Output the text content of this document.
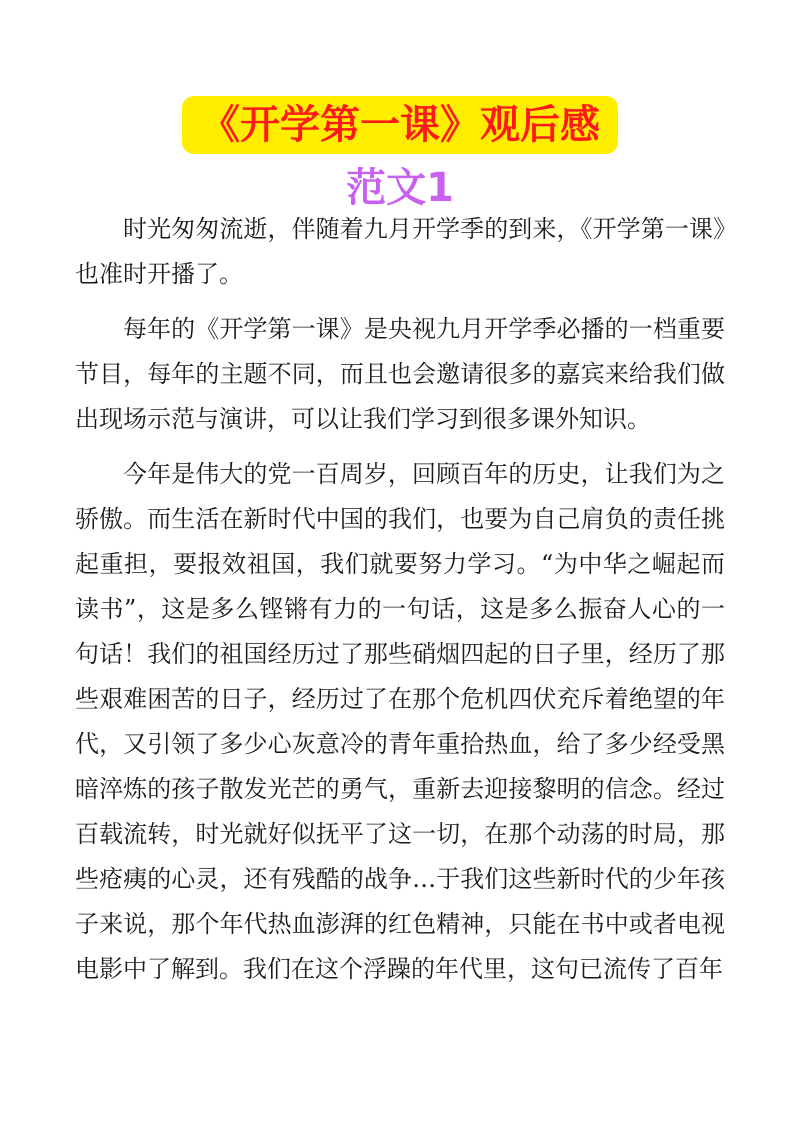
《开学第一课》观后感
范文1

时光匆匆流逝，伴随着九月开学季的到来，《开学第一课》也准时开播了。

每年的《开学第一课》是央视九月开学季必播的一档重要节目，每年的主题不同，而且也会邀请很多的嘉宾来给我们做出现场示范与演讲，可以让我们学习到很多课外知识。

今年是伟大的党一百周岁，回顾百年的历史，让我们为之骄傲。而生活在新时代中国的我们，也要为自己肩负的责任挑起重担，要报效祖国，我们就要努力学习。“为中华之崛起而读书”，这是多么铿锵有力的一句话，这是多么振奋人心的一句话！我们的祖国经历过了那些硝烟四起的日子里，经历了那些艰难困苦的日子，经历过了在那个危机四伏充斥着绝望的年代，又引领了多少心灰意冷的青年重拾热血，给了多少经受黑暗淬炼的孩子散发光芒的勇气，重新去迎接黎明的信念。经过百载流转，时光就好似抚平了这一切，在那个动荡的时局，那些疮痍的心灵，还有残酷的战争…于我们这些新时代的少年孩子来说，那个年代热血澎湃的红色精神，只能在书中或者电视电影中了解到。我们在这个浮躁的年代里，这句已流传了百年
